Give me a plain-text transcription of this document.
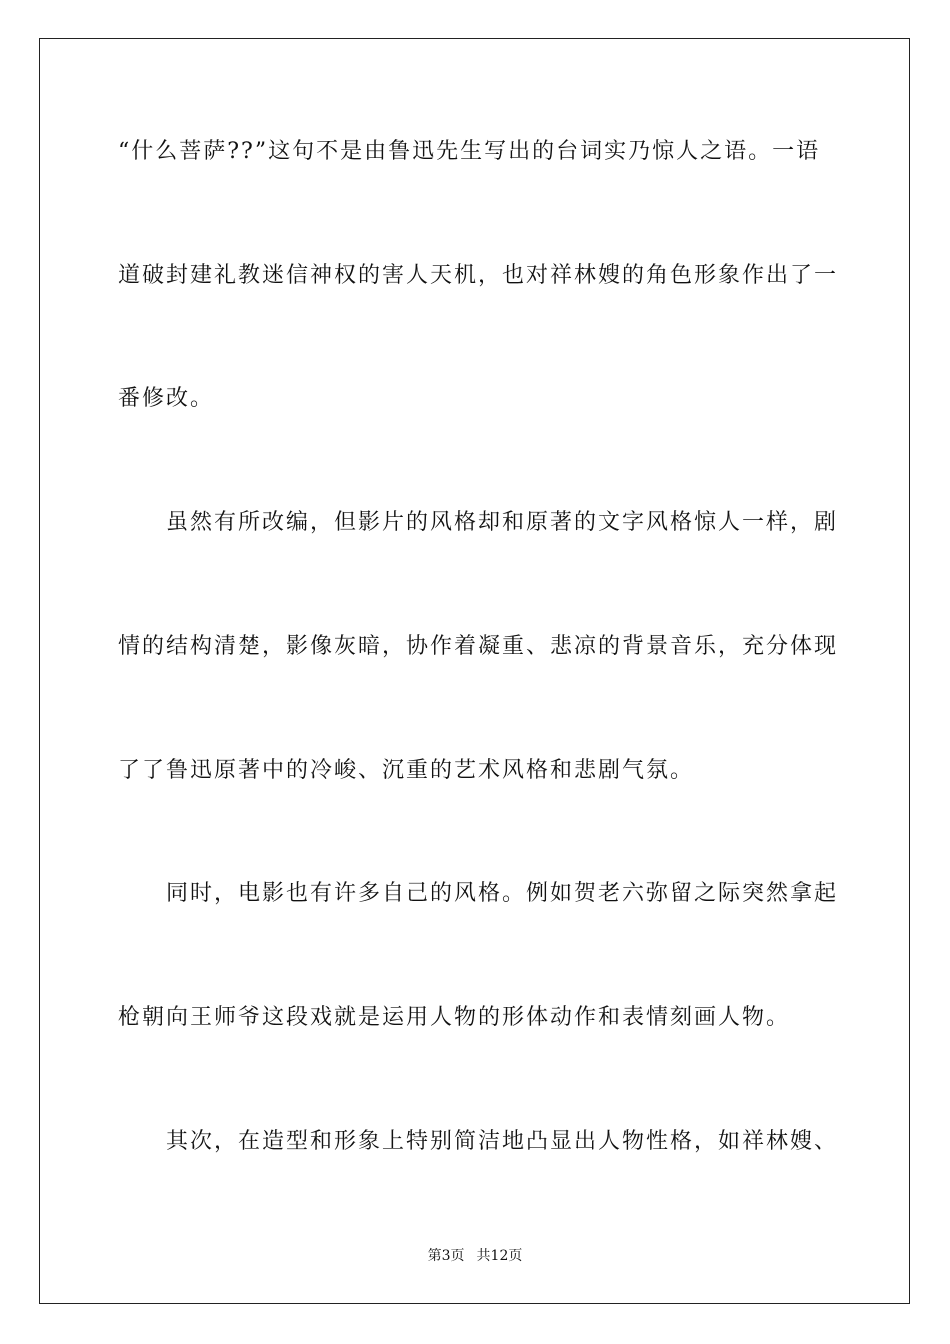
“什么菩萨??”这句不是由鲁迅先生写出的台词实乃惊人之语。一语
道破封建礼教迷信神权的害人天机，也对祥林嫂的角色形象作出了一
番修改。
虽然有所改编，但影片的风格却和原著的文字风格惊人一样，剧
情的结构清楚，影像灰暗，协作着凝重、悲凉的背景音乐，充分体现
了了鲁迅原著中的冷峻、沉重的艺术风格和悲剧气氛。
同时，电影也有许多自己的风格。例如贺老六弥留之际突然拿起
枪朝向王师爷这段戏就是运用人物的形体动作和表情刻画人物。
其次，在造型和形象上特别简洁地凸显出人物性格，如祥林嫂、
第3页 共12页
